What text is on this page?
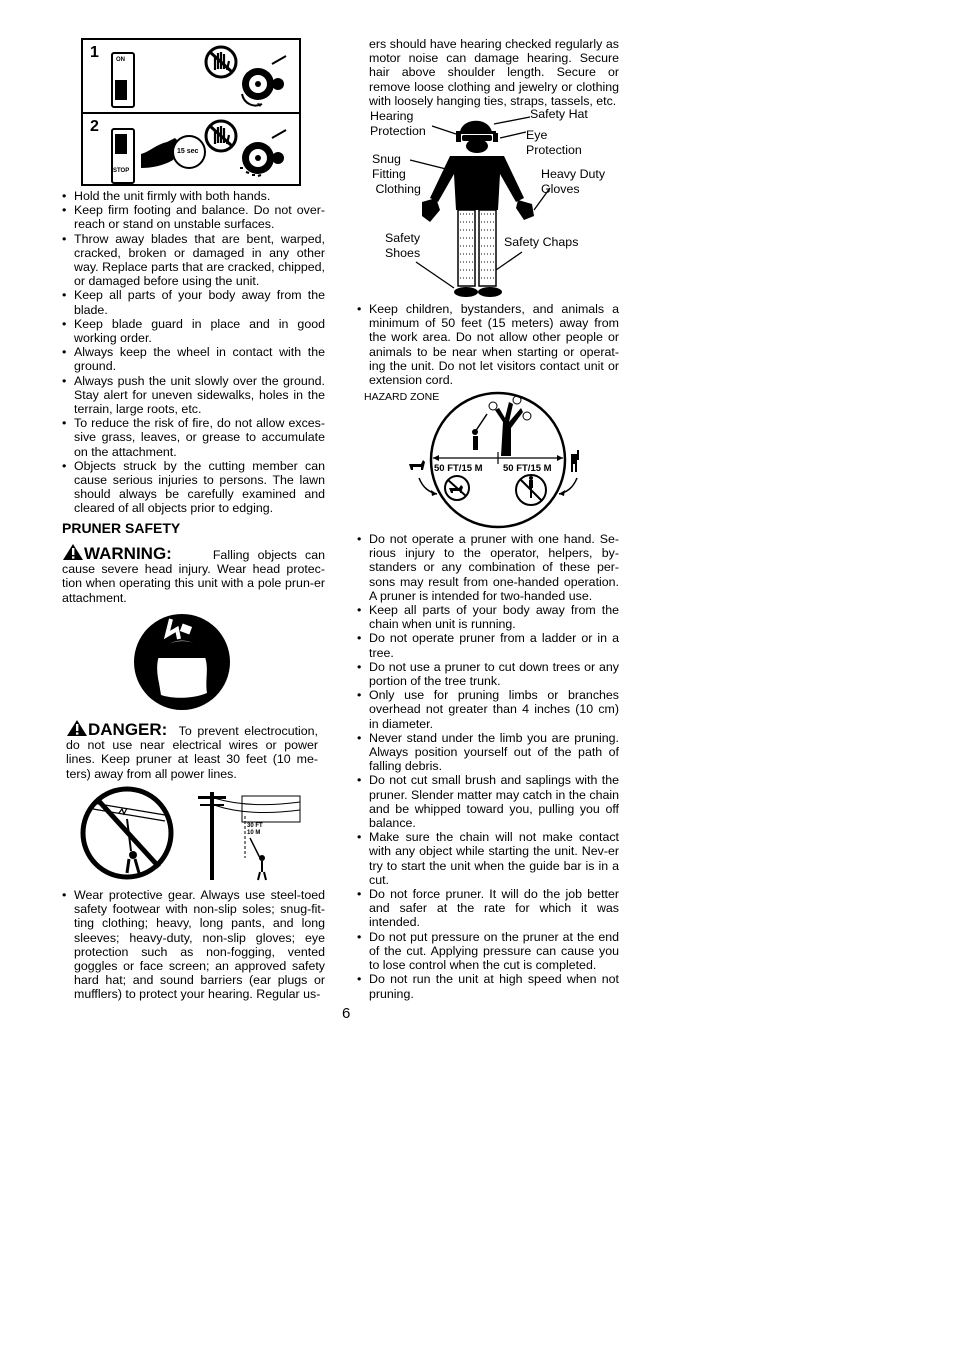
1
2
ON
STOP
15 sec
• Hold the unit firmly with both hands.
• Keep firm footing and balance. Do not over-reach or stand on unstable surfaces.
• Throw away blades that are bent, warped, cracked, broken or damaged in any other way. Replace parts that are cracked, chipped, or damaged before using the unit.
• Keep all parts of your body away from the blade.
• Keep blade guard in place and in good working order.
• Always keep the wheel in contact with the ground.
• Always push the unit slowly over the ground. Stay alert for uneven sidewalks, holes in the terrain, large roots, etc.
• To reduce the risk of fire, do not allow exces-sive grass, leaves, or grease to accumulate on the attachment.
• Objects struck by the cutting member can cause serious injuries to persons. The lawn should always be carefully examined and cleared of all objects prior to edging.
PRUNER SAFETY
WARNING:	Falling objects can cause severe head injury. Wear head protec-tion when operating this unit with a pole prun-er attachment.
DANGER: To prevent electrocution, do not use near electrical wires or power lines. Keep pruner at least 30 feet (10 me-ters) away from all power lines.
30 FT
10 M
• Wear protective gear. Always use steel-toed safety footwear with non-slip soles; snug-fit-ting clothing; heavy, long pants, and long sleeves; heavy-duty, non-slip gloves; eye protection such as non-fogging, vented goggles or face screen; an approved safety hard hat; and sound barriers (ear plugs or mufflers) to protect your hearing. Regular us-
ers should have hearing checked regularly as motor noise can damage hearing. Secure hair above shoulder length. Secure or remove loose clothing and jewelry or clothing with loosely hanging ties, straps, tassels, etc.
Hearing
Protection
Safety Hat
Eye
Protection
Snug
Fitting
Clothing
Heavy Duty
Gloves
Safety
Shoes
Safety Chaps
• Keep children, bystanders, and animals a minimum of 50 feet (15 meters) away from the work area. Do not allow other people or animals to be near when starting or operat-ing the unit. Do not let visitors contact unit or extension cord.
HAZARD ZONE
50 FT/15 M 50 FT/15 M
• Do not operate a pruner with one hand. Se-rious injury to the operator, helpers, by-standers or any combination of these per-sons may result from one-handed operation. A pruner is intended for two-handed use.
• Keep all parts of your body away from the chain when unit is running.
• Do not operate pruner from a ladder or in a tree.
• Do not use a pruner to cut down trees or any portion of the tree trunk.
• Only use for pruning limbs or branches overhead not greater than 4 inches (10 cm) in diameter.
• Never stand under the limb you are pruning. Always position yourself out of the path of falling debris.
• Do not cut small brush and saplings with the pruner. Slender matter may catch in the chain and be whipped toward you, pulling you off balance.
• Make sure the chain will not make contact with any object while starting the unit. Nev-er try to start the unit when the guide bar is in a cut.
• Do not force pruner. It will do the job better and safer at the rate for which it was intended.
• Do not put pressure on the pruner at the end of the cut. Applying pressure can cause you to lose control when the cut is completed.
• Do not run the unit at high speed when not pruning.
6
